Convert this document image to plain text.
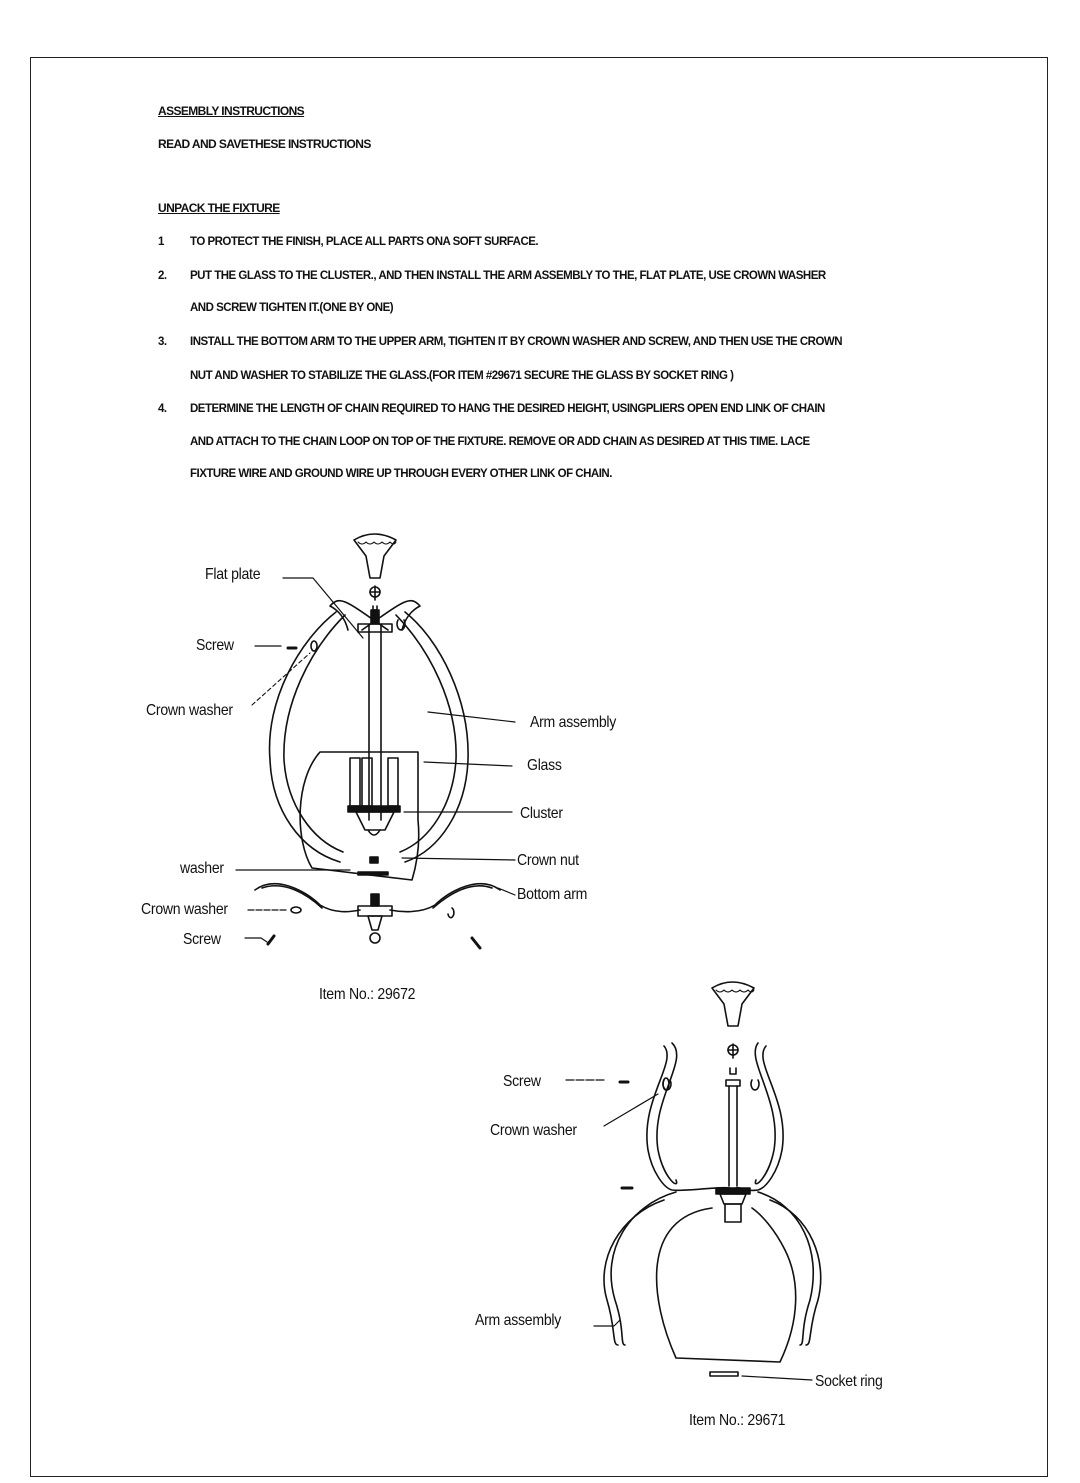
ASSEMBLY INSTRUCTIONS
READ AND SAVETHESE INSTRUCTIONS
UNPACK THE FIXTURE
1 TO PROTECT THE FINISH, PLACE ALL PARTS ONA SOFT SURFACE.
2. PUT THE GLASS TO THE CLUSTER., AND THEN INSTALL THE ARM ASSEMBLY TO THE, FLAT PLATE, USE CROWN WASHER
AND SCREW TIGHTEN IT.(ONE BY ONE)
3. INSTALL THE BOTTOM ARM TO THE UPPER ARM, TIGHTEN IT BY CROWN WASHER AND SCREW, AND THEN USE THE CROWN
NUT AND WASHER TO STABILIZE THE GLASS.(FOR ITEM #29671 SECURE THE GLASS BY SOCKET RING )
4. DETERMINE THE LENGTH OF CHAIN REQUIRED TO HANG THE DESIRED HEIGHT, USINGPLIERS OPEN END LINK OF CHAIN
AND ATTACH TO THE CHAIN LOOP ON TOP OF THE FIXTURE. REMOVE OR ADD CHAIN AS DESIRED AT THIS TIME. LACE
FIXTURE WIRE AND GROUND WIRE UP THROUGH EVERY OTHER LINK OF CHAIN.
Flat plate
Screw
Crown washer
Arm assembly
Glass
Cluster
washer	Crown nut
Bottom arm
Crown washer
Screw
Item No.: 29672
Screw
Crown washer
Arm assembly
Socket ring
Item No.: 29671
